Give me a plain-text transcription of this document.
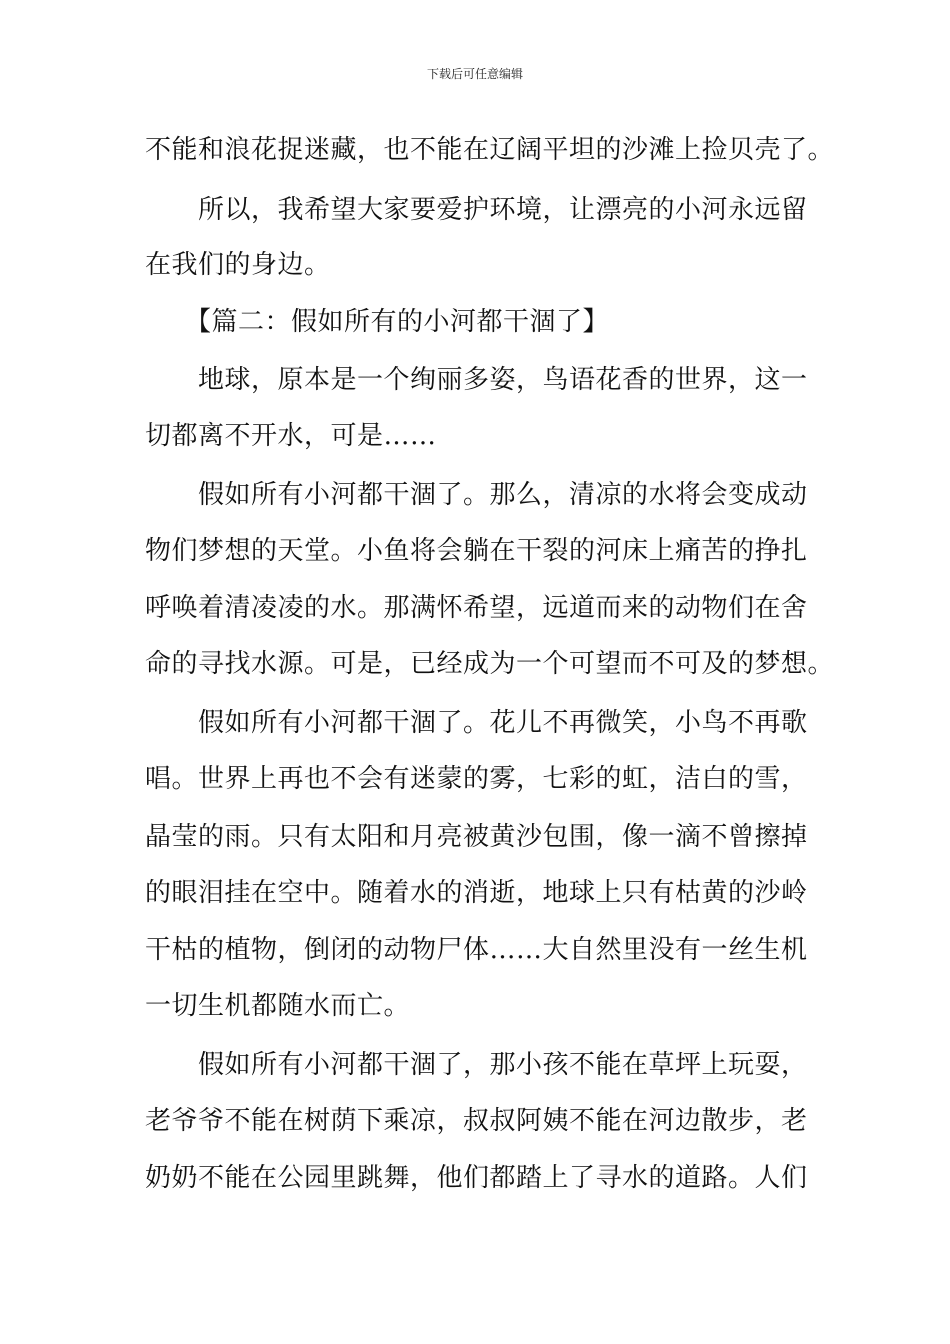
下载后可任意编辑
不能和浪花捉迷藏，也不能在辽阔平坦的沙滩上捡贝壳了。
　　所以，我希望大家要爱护环境，让漂亮的小河永远留
在我们的身边。
　　【篇二：假如所有的小河都干涸了】
　　地球，原本是一个绚丽多姿，鸟语花香的世界，这一
切都离不开水，可是……
　　假如所有小河都干涸了。那么，清凉的水将会变成动
物们梦想的天堂。小鱼将会躺在干裂的河床上痛苦的挣扎
呼唤着清凌凌的水。那满怀希望，远道而来的动物们在舍
命的寻找水源。可是，已经成为一个可望而不可及的梦想。
　　假如所有小河都干涸了。花儿不再微笑，小鸟不再歌
唱。世界上再也不会有迷蒙的雾，七彩的虹，洁白的雪，
晶莹的雨。只有太阳和月亮被黄沙包围，像一滴不曾擦掉
的眼泪挂在空中。随着水的消逝，地球上只有枯黄的沙岭
干枯的植物，倒闭的动物尸体……大自然里没有一丝生机
一切生机都随水而亡。
　　假如所有小河都干涸了，那小孩不能在草坪上玩耍，
老爷爷不能在树荫下乘凉，叔叔阿姨不能在河边散步，老
奶奶不能在公园里跳舞，他们都踏上了寻水的道路。人们
